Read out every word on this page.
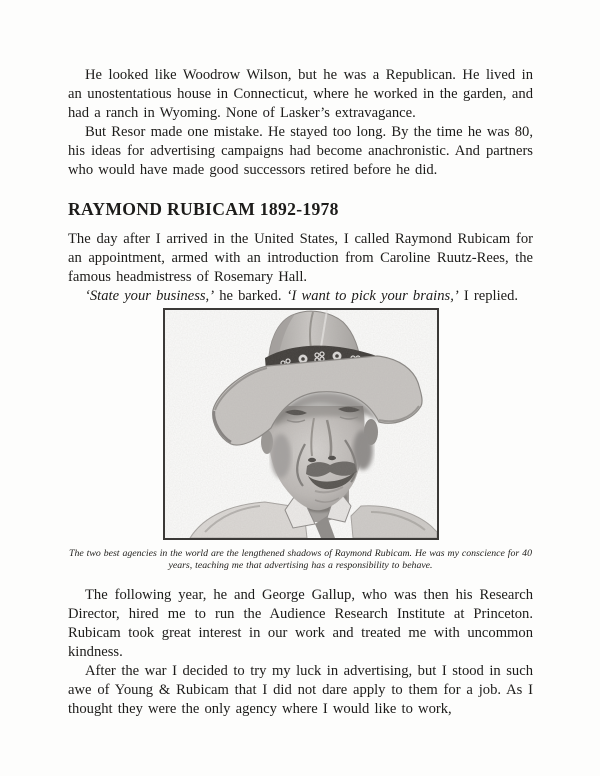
He looked like Woodrow Wilson, but he was a Republican. He lived in an unostentatious house in Connecticut, where he worked in the garden, and had a ranch in Wyoming. None of Lasker’s extravagance.

But Resor made one mistake. He stayed too long. By the time he was 80, his ideas for advertising campaigns had become anachronistic. And partners who would have made good successors retired before he did.

RAYMOND RUBICAM 1892-1978

The day after I arrived in the United States, I called Raymond Rubicam for an appointment, armed with an introduction from Caroline Ruutz-Rees, the famous headmistress of Rosemary Hall.

‘State your business,’ he barked. ‘I want to pick your brains,’ I replied.

The two best agencies in the world are the lengthened shadows of Raymond Rubicam. He was my conscience for 40 years, teaching me that advertising has a responsibility to behave.

The following year, he and George Gallup, who was then his Research Director, hired me to run the Audience Research Institute at Princeton. Rubicam took great interest in our work and treated me with uncommon kindness.

After the war I decided to try my luck in advertising, but I stood in such awe of Young & Rubicam that I did not dare apply to them for a job. As I thought they were the only agency where I would like to work,
